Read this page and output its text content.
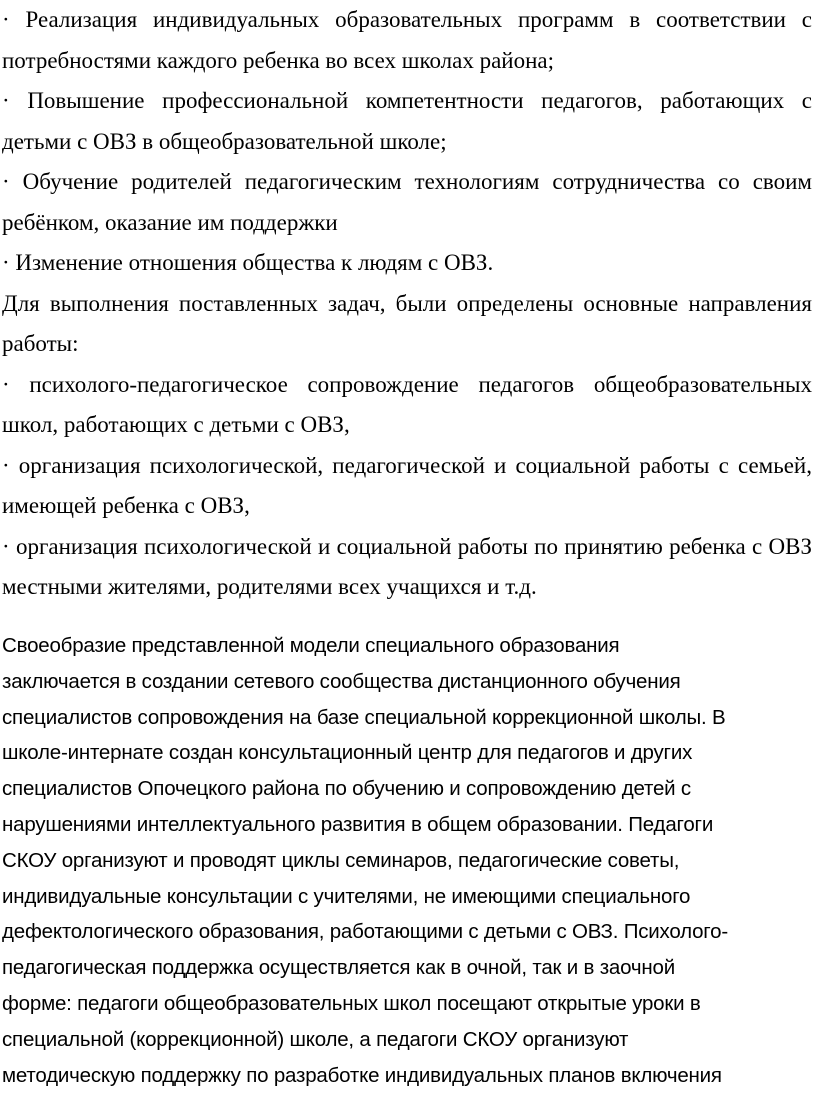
· Реализация индивидуальных образовательных программ в соответствии с потребностями каждого ребенка во всех школах района;

· Повышение профессиональной компетентности педагогов, работающих с детьми с ОВЗ в общеобразовательной школе;

· Обучение родителей педагогическим технологиям сотрудничества со своим ребёнком, оказание им поддержки

· Изменение отношения общества к людям с ОВЗ.

Для выполнения поставленных задач, были определены основные направления работы:

· психолого-педагогическое сопровождение педагогов общеобразовательных школ, работающих с детьми с ОВЗ,

· организация психологической, педагогической и социальной работы с семьей, имеющей ребенка с ОВЗ,

· организация психологической и социальной работы по принятию ребенка с ОВЗ местными жителями, родителями всех учащихся и т.д.

Своеобразие представленной модели специального образования

заключается в создании сетевого сообщества дистанционного обучения

специалистов сопровождения на базе специальной коррекционной школы. В

школе-интернате создан консультационный центр для педагогов и других

специалистов Опочецкого района по обучению и сопровождению детей с

нарушениями интеллектуального развития в общем образовании. Педагоги

СКОУ организуют и проводят циклы семинаров, педагогические советы,

индивидуальные консультации с учителями, не имеющими специального

дефектологического образования, работающими с детьми с ОВЗ. Психолого-

педагогическая поддержка осуществляется как в очной, так и в заочной

форме: педагоги общеобразовательных школ посещают открытые уроки в

специальной (коррекционной) школе, а педагоги СКОУ организуют

методическую поддержку по разработке индивидуальных планов включения
